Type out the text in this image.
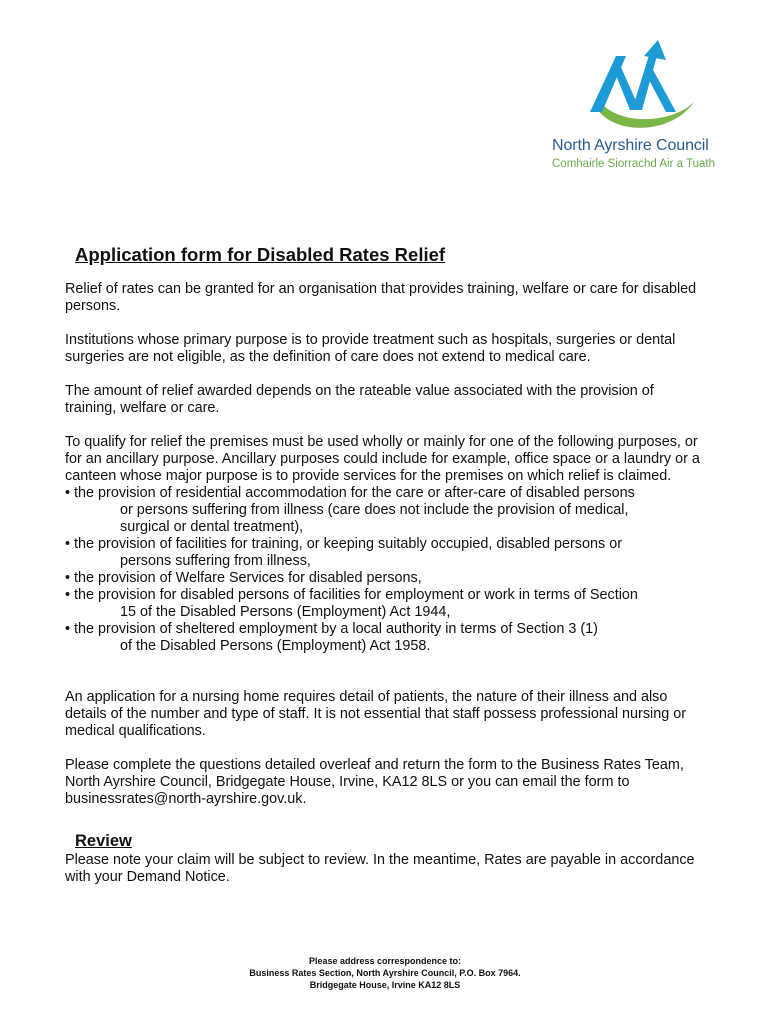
North Ayrshire Council
Comhairle Siorrachd Air a Tuath
Application form for Disabled Rates Relief

Relief of rates can be granted for an organisation that provides training, welfare or care for disabled persons.

Institutions whose primary purpose is to provide treatment such as hospitals, surgeries or dental surgeries are not eligible, as the definition of care does not extend to medical care.

The amount of relief awarded depends on the rateable value associated with the provision of training, welfare or care.

To qualify for relief the premises must be used wholly or mainly for one of the following purposes, or for an ancillary purpose. Ancillary purposes could include for example, office space or a laundry or a canteen whose major purpose is to provide services for the premises on which relief is claimed.

• the provision of residential accommodation for the care or after-care of disabled persons
or persons suffering from illness (care does not include the provision of medical,
surgical or dental treatment),
• the provision of facilities for training, or keeping suitably occupied, disabled persons or
persons suffering from illness,
• the provision of Welfare Services for disabled persons,
• the provision for disabled persons of facilities for employment or work in terms of Section
15 of the Disabled Persons (Employment) Act 1944,
• the provision of sheltered employment by a local authority in terms of Section 3 (1)
of the Disabled Persons (Employment) Act 1958.

An application for a nursing home requires detail of patients, the nature of their illness and also details of the number and type of staff. It is not essential that staff possess professional nursing or medical qualifications.

Please complete the questions detailed overleaf and return the form to the Business Rates Team, North Ayrshire Council, Bridgegate House, Irvine, KA12 8LS or you can email the form to businessrates@north-ayrshire.gov.uk.

Review

Please note your claim will be subject to review. In the meantime, Rates are payable in accordance with your Demand Notice.

Please address correspondence to:
Business Rates Section, North Ayrshire Council, P.O. Box 7964.
Bridgegate House, Irvine KA12 8LS
